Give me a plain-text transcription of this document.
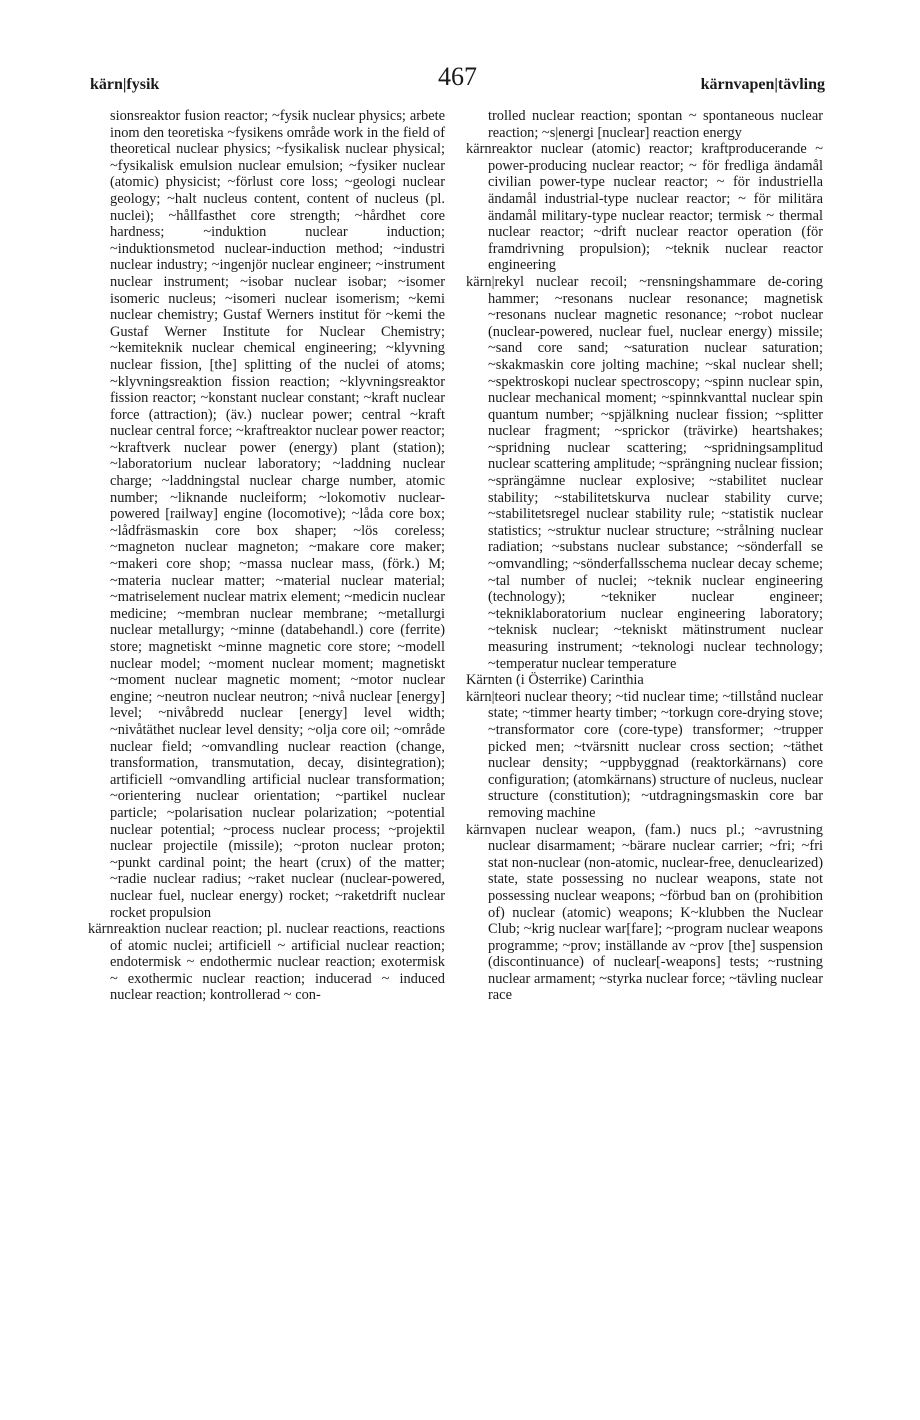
kärn|fysik	467	kärnvapen|tävling

sionsreaktor fusion reactor; ~fysik nuclear physics; arbete inom den teoretiska ~fysikens område work in the field of theoretical nuclear physics; ~fysikalisk nuclear physical; ~fysikalisk emulsion nuclear emulsion; ~fysiker nuclear (atomic) physicist; ~förlust core loss; ~geologi nuclear geology; ~halt nucleus content, content of nucleus (pl. nuclei); ~hållfasthet core strength; ~hårdhet core hardness; ~induktion nuclear induction; ~induktionsmetod nuclear-induction method; ~industri nuclear industry; ~ingenjör nuclear engineer; ~instrument nuclear instrument; ~isobar nuclear isobar; ~isomer isomeric nucleus; ~isomeri nuclear isomerism; ~kemi nuclear chemistry; Gustaf Werners institut för ~kemi the Gustaf Werner Institute for Nuclear Chemistry; ~kemiteknik nuclear chemical engineering; ~klyvning nuclear fission, [the] splitting of the nuclei of atoms; ~klyvningsreaktion fission reaction; ~klyvningsreaktor fission reactor; ~konstant nuclear constant; ~kraft nuclear force (attraction); (äv.) nuclear power; central ~kraft nuclear central force; ~kraftreaktor nuclear power reactor; ~kraftverk nuclear power (energy) plant (station); ~laboratorium nuclear laboratory; ~laddning nuclear charge; ~laddningstal nuclear charge number, atomic number; ~liknande nucleiform; ~lokomotiv nuclear-powered [railway] engine (locomotive); ~låda core box; ~lådfräsmaskin core box shaper; ~lös coreless; ~magneton nuclear magneton; ~makare core maker; ~makeri core shop; ~massa nuclear mass, (förk.) M; ~materia nuclear matter; ~material nuclear material; ~matriselement nuclear matrix element; ~medicin nuclear medicine; ~membran nuclear membrane; ~metallurgi nuclear metallurgy; ~minne (databehandl.) core (ferrite) store; magnetiskt ~minne magnetic core store; ~modell nuclear model; ~moment nuclear moment; magnetiskt ~moment nuclear magnetic moment; ~motor nuclear engine; ~neutron nuclear neutron; ~nivå nuclear [energy] level; ~nivåbredd nuclear [energy] level width; ~nivåtäthet nuclear level density; ~olja core oil; ~område nuclear field; ~omvandling nuclear reaction (change, transformation, transmutation, decay, disintegration); artificiell ~omvandling artificial nuclear transformation; ~orientering nuclear orientation; ~partikel nuclear particle; ~polarisation nuclear polarization; ~potential nuclear potential; ~process nuclear process; ~projektil nuclear projectile (missile); ~proton nuclear proton; ~punkt cardinal point; the heart (crux) of the matter; ~radie nuclear radius; ~raket nuclear (nuclear-powered, nuclear fuel, nuclear energy) rocket; ~raketdrift nuclear rocket propulsion

kärnreaktion nuclear reaction; pl. nuclear reactions, reactions of atomic nuclei; artificiell ~ artificial nuclear reaction; endotermisk ~ endothermic nuclear reaction; exotermisk ~ exothermic nuclear reaction; inducerad ~ induced nuclear reaction; kontrollerad ~ con-

trolled nuclear reaction; spontan ~ spontaneous nuclear reaction; ~s|energi [nuclear] reaction energy

kärnreaktor nuclear (atomic) reactor; kraftproducerande ~ power-producing nuclear reactor; ~ för fredliga ändamål civilian power-type nuclear reactor; ~ för industriella ändamål industrial-type nuclear reactor; ~ för militära ändamål military-type nuclear reactor; termisk ~ thermal nuclear reactor; ~drift nuclear reactor operation (för framdrivning propulsion); ~teknik nuclear reactor engineering

kärn|rekyl nuclear recoil; ~rensningshammare de-coring hammer; ~resonans nuclear resonance; magnetisk ~resonans nuclear magnetic resonance; ~robot nuclear (nuclear-powered, nuclear fuel, nuclear energy) missile; ~sand core sand; ~saturation nuclear saturation; ~skakmaskin core jolting machine; ~skal nuclear shell; ~spektroskopi nuclear spectroscopy; ~spinn nuclear spin, nuclear mechanical moment; ~spinnkvanttal nuclear spin quantum number; ~spjälkning nuclear fission; ~splitter nuclear fragment; ~sprickor (trävirke) heartshakes; ~spridning nuclear scattering; ~spridningsamplitud nuclear scattering amplitude; ~sprängning nuclear fission; ~sprängämne nuclear explosive; ~stabilitet nuclear stability; ~stabilitetskurva nuclear stability curve; ~stabilitetsregel nuclear stability rule; ~statistik nuclear statistics; ~struktur nuclear structure; ~strålning nuclear radiation; ~substans nuclear substance; ~sönderfall se ~omvandling; ~sönderfallsschema nuclear decay scheme; ~tal number of nuclei; ~teknik nuclear engineering (technology); ~tekniker nuclear engineer; ~tekniklaboratorium nuclear engineering laboratory; ~teknisk nuclear; ~tekniskt mätinstrument nuclear measuring instrument; ~teknologi nuclear technology; ~temperatur nuclear temperature

Kärnten (i Österrike) Carinthia

kärn|teori nuclear theory; ~tid nuclear time; ~tillstånd nuclear state; ~timmer hearty timber; ~torkugn core-drying stove; ~transformator core (core-type) transformer; ~trupper picked men; ~tvärsnitt nuclear cross section; ~täthet nuclear density; ~uppbyggnad (reaktorkärnans) core configuration; (atomkärnans) structure of nucleus, nuclear structure (constitution); ~utdragningsmaskin core bar removing machine

kärnvapen nuclear weapon, (fam.) nucs pl.; ~avrustning nuclear disarmament; ~bärare nuclear carrier; ~fri; ~fri stat non-nuclear (non-atomic, nuclear-free, denuclearized) state, state possessing no nuclear weapons, state not possessing nuclear weapons; ~förbud ban on (prohibition of) nuclear (atomic) weapons; K~klubben the Nuclear Club; ~krig nuclear war[fare]; ~program nuclear weapons programme; ~prov; inställande av ~prov [the] suspension (discontinuance) of nuclear[-weapons] tests; ~rustning nuclear armament; ~styrka nuclear force; ~tävling nuclear race
